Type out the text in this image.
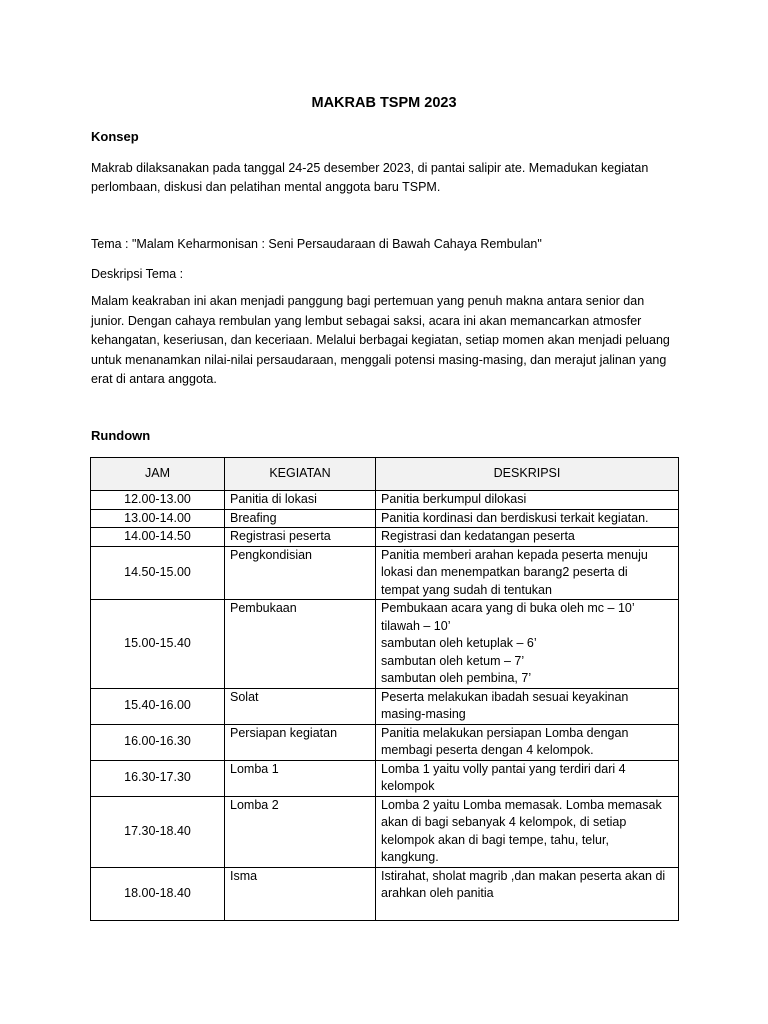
MAKRAB TSPM 2023
Konsep
Makrab dilaksanakan pada tanggal 24-25 desember 2023, di pantai salipir ate. Memadukan kegiatan
perlombaan, diskusi dan pelatihan mental anggota baru TSPM.
Tema : "Malam Keharmonisan : Seni Persaudaraan di Bawah Cahaya Rembulan"
Deskripsi Tema :
Malam keakraban ini akan menjadi panggung bagi pertemuan yang penuh makna antara senior dan
junior. Dengan cahaya rembulan yang lembut sebagai saksi, acara ini akan memancarkan atmosfer
kehangatan, keseriusan, dan keceriaan. Melalui berbagai kegiatan, setiap momen akan menjadi peluang
untuk menanamkan nilai-nilai persaudaraan, menggali potensi masing-masing, dan merajut jalinan yang
erat di antara anggota.
Rundown
JAM	KEGIATAN	DESKRIPSI
12.00-13.00	Panitia di lokasi	Panitia berkumpul dilokasi

13.00-14.00	Breafing	Panitia kordinasi dan berdiskusi terkait kegiatan.

14.00-14.50	Registrasi peserta	Registrasi dan kedatangan peserta

14.50-15.00	Pengkondisian	Panitia memberi arahan kepada peserta menuju
lokasi dan menempatkan barang2 peserta di
tempat yang sudah di tentukan

15.00-15.40	Pembukaan	Pembukaan acara yang di buka oleh mc – 10’
tilawah – 10’
sambutan oleh ketuplak – 6’
sambutan oleh ketum – 7’
sambutan oleh pembina, 7’

15.40-16.00	Solat	Peserta melakukan ibadah sesuai keyakinan
masing-masing

16.00-16.30	Persiapan kegiatan	Panitia melakukan persiapan Lomba dengan
membagi peserta dengan 4 kelompok.

16.30-17.30	Lomba 1	Lomba 1 yaitu volly pantai yang terdiri dari 4
kelompok

17.30-18.40	Lomba 2	Lomba 2 yaitu Lomba memasak. Lomba memasak
akan di bagi sebanyak 4 kelompok, di setiap
kelompok akan di bagi tempe, tahu, telur,
kangkung.

18.00-18.40	Isma	Istirahat, sholat magrib ,dan makan peserta akan di
arahkan oleh panitia
